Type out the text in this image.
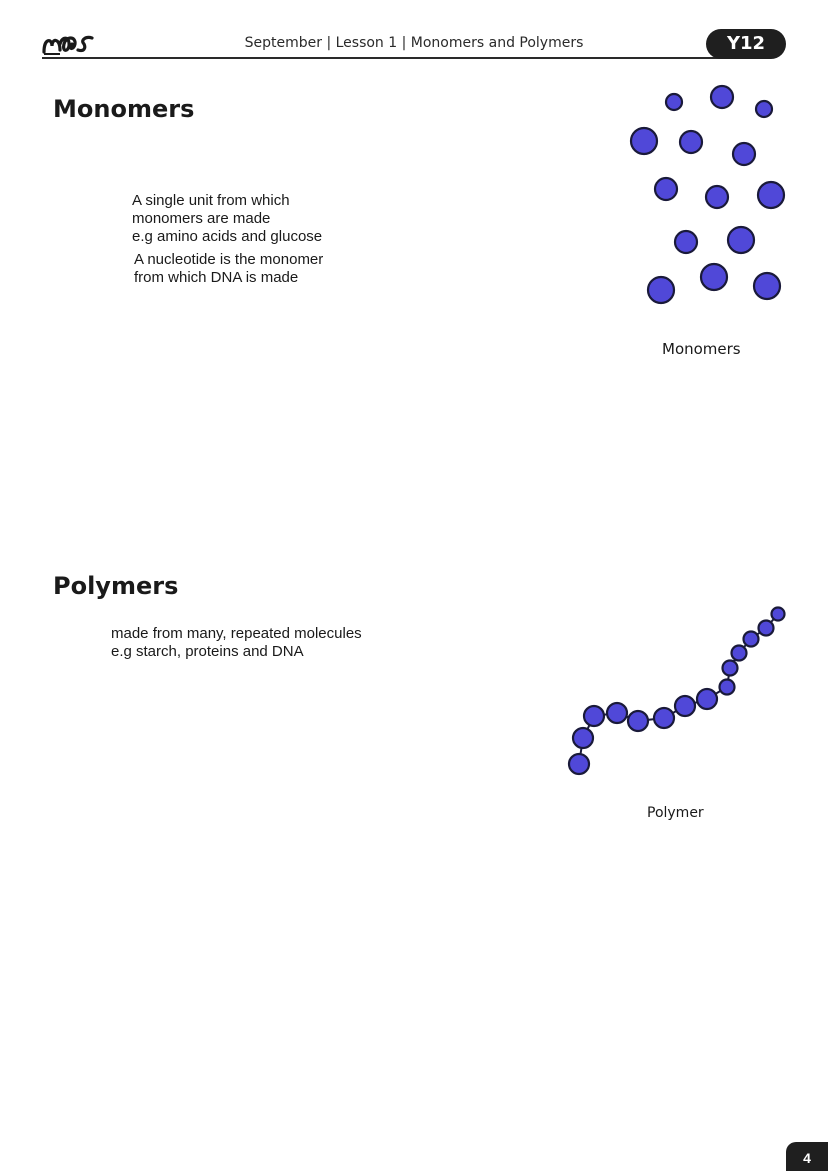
September | Lesson 1 | Monomers and Polymers	Y12
Monomers
A single unit from which
monomers are made
e.g amino acids and glucose
A nucleotide is the monomer
from which DNA is made
Monomers
Polymers
made from many, repeated molecules
e.g starch, proteins and DNA
Polymer
4
